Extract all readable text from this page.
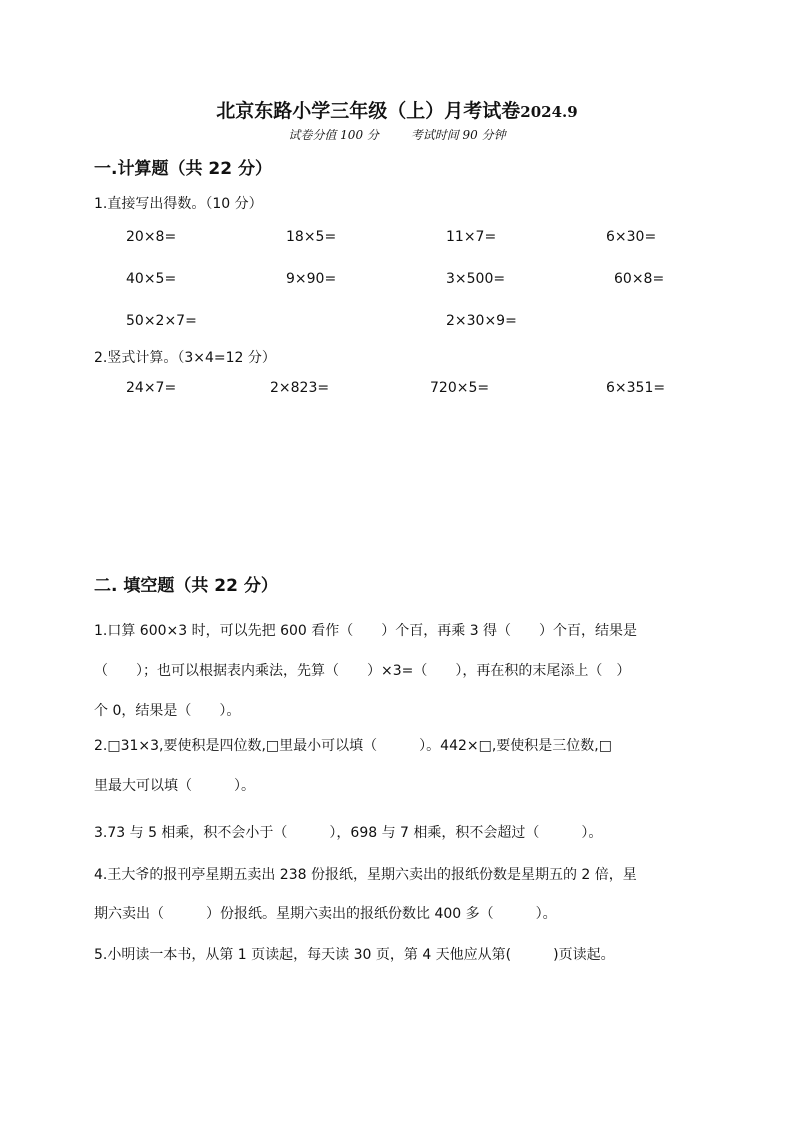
北京东路小学三年级（上）月考试卷2024.9
试卷分值 100 分	考试时间 90 分钟
一.计算题（共 22 分）
1.直接写出得数。（10 分）
20×8=	18×5=	11×7=	6×30=
40×5=	9×90=	3×500=	60×8=
50×2×7=	2×30×9=
2.竖式计算。（3×4=12 分）
24×7=	2×823=	720×5=	6×351=
二. 填空题（共 22 分）
1.口算 600×3 时，可以先把 600 看作（　　）个百，再乘 3 得（　　）个百，结果是
（　　）；也可以根据表内乘法，先算（　　）×3=（　　），再在积的末尾添上（　）
个 0，结果是（　　）。
2.□31×3,要使积是四位数,□里最小可以填（　　　）。442×□,要使积是三位数,□
里最大可以填（　　　）。
3.73 与 5 相乘，积不会小于（　　　），698 与 7 相乘，积不会超过（　　　）。
4.王大爷的报刊亭星期五卖出 238 份报纸，星期六卖出的报纸份数是星期五的 2 倍，星
期六卖出（　　　）份报纸。星期六卖出的报纸份数比 400 多（　　　）。
5.小明读一本书，从第 1 页读起，每天读 30 页，第 4 天他应从第(　　　)页读起。
